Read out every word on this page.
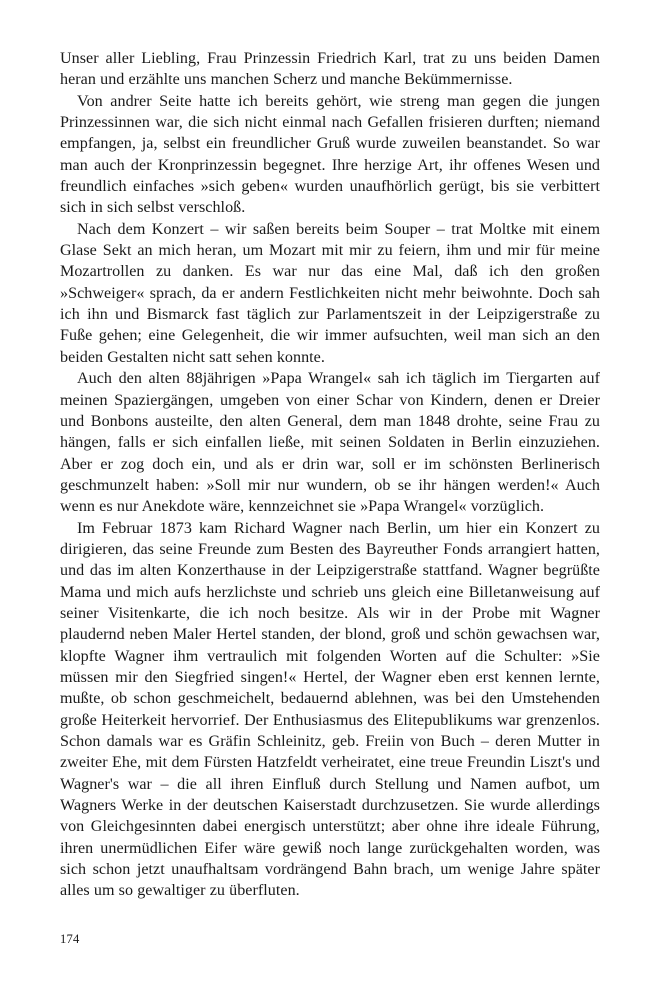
Unser aller Liebling, Frau Prinzessin Friedrich Karl, trat zu uns beiden Damen heran und erzählte uns manchen Scherz und manche Bekümmernisse.

Von andrer Seite hatte ich bereits gehört, wie streng man gegen die jungen Prinzessinnen war, die sich nicht einmal nach Gefallen frisieren durften; niemand empfangen, ja, selbst ein freundlicher Gruß wurde zuweilen beanstandet. So war man auch der Kronprinzessin begegnet. Ihre herzige Art, ihr offenes Wesen und freundlich einfaches »sich geben« wurden unaufhörlich gerügt, bis sie verbittert sich in sich selbst verschloß.

Nach dem Konzert – wir saßen bereits beim Souper – trat Moltke mit einem Glase Sekt an mich heran, um Mozart mit mir zu feiern, ihm und mir für meine Mozartrollen zu danken. Es war nur das eine Mal, daß ich den großen »Schweiger« sprach, da er andern Festlichkeiten nicht mehr beiwohnte. Doch sah ich ihn und Bismarck fast täglich zur Parlamentszeit in der Leipzigerstraße zu Fuße gehen; eine Gelegenheit, die wir immer aufsuchten, weil man sich an den beiden Gestalten nicht satt sehen konnte.

Auch den alten 88jährigen »Papa Wrangel« sah ich täglich im Tiergarten auf meinen Spaziergängen, umgeben von einer Schar von Kindern, denen er Dreier und Bonbons austeilte, den alten General, dem man 1848 drohte, seine Frau zu hängen, falls er sich einfallen ließe, mit seinen Soldaten in Berlin einzuziehen. Aber er zog doch ein, und als er drin war, soll er im schönsten Berlinerisch geschmunzelt haben: »Soll mir nur wundern, ob se ihr hängen werden!« Auch wenn es nur Anekdote wäre, kennzeichnet sie »Papa Wrangel« vorzüglich.

Im Februar 1873 kam Richard Wagner nach Berlin, um hier ein Konzert zu dirigieren, das seine Freunde zum Besten des Bayreuther Fonds arrangiert hatten, und das im alten Konzerthause in der Leipzigerstraße stattfand. Wagner begrüßte Mama und mich aufs herzlichste und schrieb uns gleich eine Billetanweisung auf seiner Visitenkarte, die ich noch besitze. Als wir in der Probe mit Wagner plaudernd neben Maler Hertel standen, der blond, groß und schön gewachsen war, klopfte Wagner ihm vertraulich mit folgenden Worten auf die Schulter: »Sie müssen mir den Siegfried singen!« Hertel, der Wagner eben erst kennen lernte, mußte, ob schon geschmeichelt, bedauernd ablehnen, was bei den Umstehenden große Heiterkeit hervorrief. Der Enthusiasmus des Elitepublikums war grenzenlos. Schon damals war es Gräfin Schleinitz, geb. Freiin von Buch – deren Mutter in zweiter Ehe, mit dem Fürsten Hatzfeldt verheiratet, eine treue Freundin Liszt's und Wagner's war – die all ihren Einfluß durch Stellung und Namen aufbot, um Wagners Werke in der deutschen Kaiserstadt durchzusetzen. Sie wurde allerdings von Gleichgesinnten dabei energisch unterstützt; aber ohne ihre ideale Führung, ihren unermüdlichen Eifer wäre gewiß noch lange zurückgehalten worden, was sich schon jetzt unaufhaltsam vordrängend Bahn brach, um wenige Jahre später alles um so gewaltiger zu überfluten.

174
